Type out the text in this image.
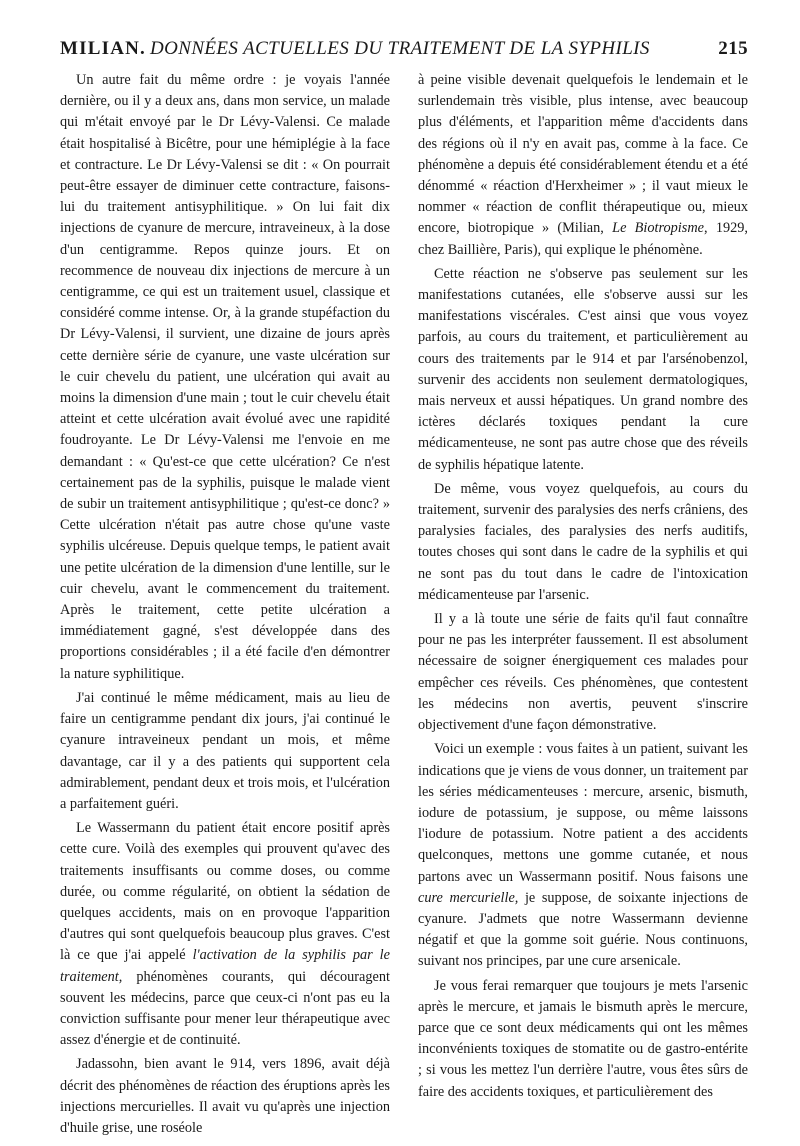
MILIAN. DONNÉES ACTUELLES DU TRAITEMENT DE LA SYPHILIS	215

Un autre fait du même ordre : je voyais l'année dernière, ou il y a deux ans, dans mon service, un malade qui m'était envoyé par le Dr Lévy-Valensi. Ce malade était hospitalisé à Bicêtre, pour une hémiplégie à la face et contracture. Le Dr Lévy-Valensi se dit : « On pourrait peut-être essayer de diminuer cette contracture, faisons-lui du traitement antisyphilitique. » On lui fait dix injections de cyanure de mercure, intraveineux, à la dose d'un centigramme. Repos quinze jours. Et on recommence de nouveau dix injections de mercure à un centigramme, ce qui est un traitement usuel, classique et considéré comme intense. Or, à la grande stupéfaction du Dr Lévy-Valensi, il survient, une dizaine de jours après cette dernière série de cyanure, une vaste ulcération sur le cuir chevelu du patient, une ulcération qui avait au moins la dimension d'une main ; tout le cuir chevelu était atteint et cette ulcération avait évolué avec une rapidité foudroyante. Le Dr Lévy-Valensi me l'envoie en me demandant : « Qu'est-ce que cette ulcération? Ce n'est certainement pas de la syphilis, puisque le malade vient de subir un traitement antisyphilitique ; qu'est-ce donc? » Cette ulcération n'était pas autre chose qu'une vaste syphilis ulcéreuse. Depuis quelque temps, le patient avait une petite ulcération de la dimension d'une lentille, sur le cuir chevelu, avant le commencement du traitement. Après le traitement, cette petite ulcération a immédiatement gagné, s'est développée dans des proportions considérables ; il a été facile d'en démontrer la nature syphilitique.

J'ai continué le même médicament, mais au lieu de faire un centigramme pendant dix jours, j'ai continué le cyanure intraveineux pendant un mois, et même davantage, car il y a des patients qui supportent cela admirablement, pendant deux et trois mois, et l'ulcération a parfaitement guéri.

Le Wassermann du patient était encore positif après cette cure. Voilà des exemples qui prouvent qu'avec des traitements insuffisants ou comme doses, ou comme durée, ou comme régularité, on obtient la sédation de quelques accidents, mais on en provoque l'apparition d'autres qui sont quelquefois beaucoup plus graves. C'est là ce que j'ai appelé l'activation de la syphilis par le traitement, phénomènes courants, qui découragent souvent les médecins, parce que ceux-ci n'ont pas eu la conviction suffisante pour mener leur thérapeutique avec assez d'énergie et de continuité.

Jadassohn, bien avant le 914, vers 1896, avait déjà décrit des phénomènes de réaction des éruptions après les injections mercurielles. Il avait vu qu'après une injection d'huile grise, une roséole

à peine visible devenait quelquefois le lendemain et le surlendemain très visible, plus intense, avec beaucoup plus d'éléments, et l'apparition même d'accidents dans des régions où il n'y en avait pas, comme à la face. Ce phénomène a depuis été considérablement étendu et a été dénommé « réaction d'Herxheimer » ; il vaut mieux le nommer « réaction de conflit thérapeutique ou, mieux encore, biotropique » (Milian, Le Biotropisme, 1929, chez Baillière, Paris), qui explique le phénomène.

Cette réaction ne s'observe pas seulement sur les manifestations cutanées, elle s'observe aussi sur les manifestations viscérales. C'est ainsi que vous voyez parfois, au cours du traitement, et particulièrement au cours des traitements par le 914 et par l'arsénobenzol, survenir des accidents non seulement dermatologiques, mais nerveux et aussi hépatiques. Un grand nombre des ictères déclarés toxiques pendant la cure médicamenteuse, ne sont pas autre chose que des réveils de syphilis hépatique latente.

De même, vous voyez quelquefois, au cours du traitement, survenir des paralysies des nerfs crâniens, des paralysies faciales, des paralysies des nerfs auditifs, toutes choses qui sont dans le cadre de la syphilis et qui ne sont pas du tout dans le cadre de l'intoxication médicamenteuse par l'arsenic.

Il y a là toute une série de faits qu'il faut connaître pour ne pas les interpréter faussement. Il est absolument nécessaire de soigner énergiquement ces malades pour empêcher ces réveils. Ces phénomènes, que contestent les médecins non avertis, peuvent s'inscrire objectivement d'une façon démonstrative.

Voici un exemple : vous faites à un patient, suivant les indications que je viens de vous donner, un traitement par les séries médicamenteuses : mercure, arsenic, bismuth, iodure de potassium, je suppose, ou même laissons l'iodure de potassium. Notre patient a des accidents quelconques, mettons une gomme cutanée, et nous partons avec un Wassermann positif. Nous faisons une cure mercurielle, je suppose, de soixante injections de cyanure. J'admets que notre Wassermann devienne négatif et que la gomme soit guérie. Nous continuons, suivant nos principes, par une cure arsenicale.

Je vous ferai remarquer que toujours je mets l'arsenic après le mercure, et jamais le bismuth après le mercure, parce que ce sont deux médicaments qui ont les mêmes inconvénients toxiques de stomatite ou de gastro-entérite ; si vous les mettez l'un derrière l'autre, vous êtes sûrs de faire des accidents toxiques, et particulièrement des
